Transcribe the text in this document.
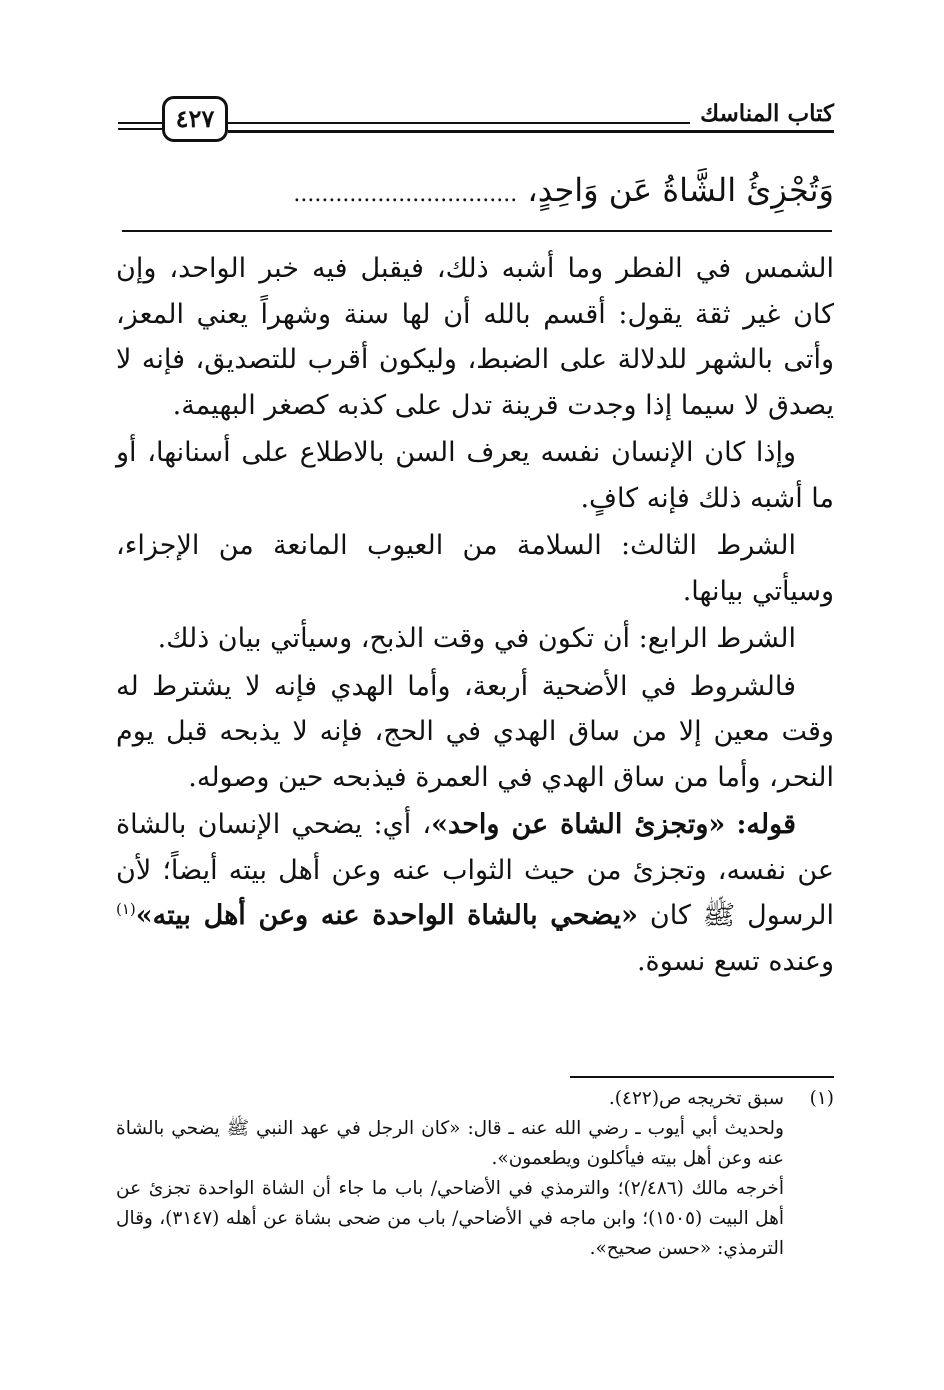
كتاب المناسك
٤٢٧
وَتُجْزِئُ الشَّاةُ عَن وَاحِدٍ، ................................

الشمس في الفطر وما أشبه ذلك، فيقبل فيه خبر الواحد، وإن كان غير ثقة يقول: أقسم بالله أن لها سنة وشهراً يعني المعز، وأتى بالشهر للدلالة على الضبط، وليكون أقرب للتصديق، فإنه لا يصدق لا سيما إذا وجدت قرينة تدل على كذبه كصغر البهيمة.

وإذا كان الإنسان نفسه يعرف السن بالاطلاع على أسنانها، أو ما أشبه ذلك فإنه كافٍ.

الشرط الثالث: السلامة من العيوب المانعة من الإجزاء، وسيأتي بيانها.

الشرط الرابع: أن تكون في وقت الذبح، وسيأتي بيان ذلك.

فالشروط في الأضحية أربعة، وأما الهدي فإنه لا يشترط له وقت معين إلا من ساق الهدي في الحج، فإنه لا يذبحه قبل يوم النحر، وأما من ساق الهدي في العمرة فيذبحه حين وصوله.

قوله: «وتجزئ الشاة عن واحد»، أي: يضحي الإنسان بالشاة عن نفسه، وتجزئ من حيث الثواب عنه وعن أهل بيته أيضاً؛ لأن الرسول ﷺ كان «يضحي بالشاة الواحدة عنه وعن أهل بيته»$^{(١)}$ وعنده تسع نسوة.

(١)

سبق تخريجه ص(٤٢٢).

ولحديث أبي أيوب ـ رضي الله عنه ـ قال: «كان الرجل في عهد النبي ﷺ يضحي بالشاة عنه وعن أهل بيته فيأكلون ويطعمون».

أخرجه مالك (٢/٤٨٦)؛ والترمذي في الأضاحي/ باب ما جاء أن الشاة الواحدة تجزئ عن أهل البيت (١٥٠٥)؛ وابن ماجه في الأضاحي/ باب من ضحى بشاة عن أهله (٣١٤٧)، وقال الترمذي: «حسن صحيح».
